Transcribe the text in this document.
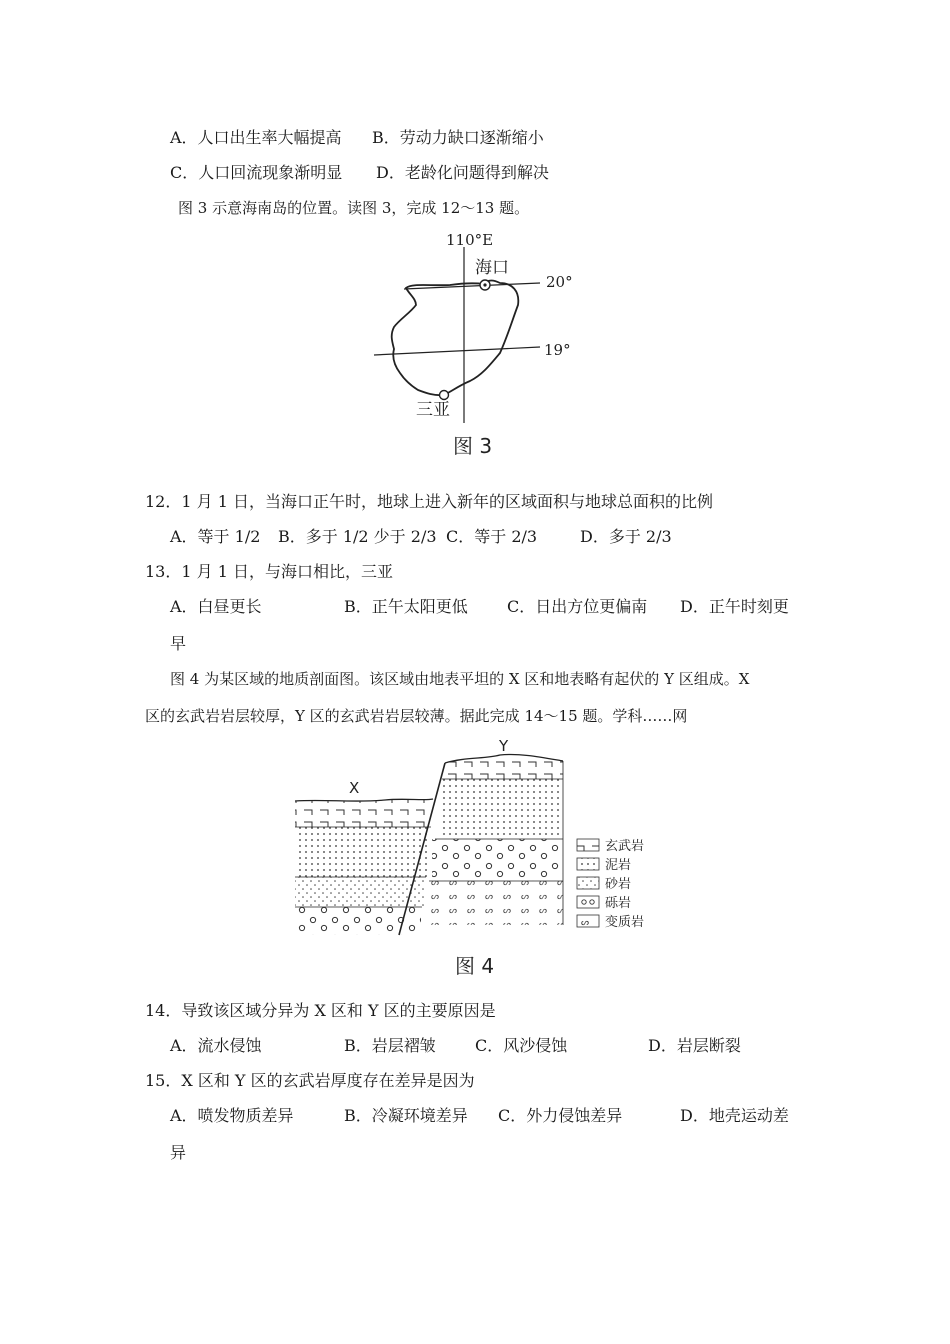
A．人口出生率大幅提高 B．劳动力缺口逐渐缩小
C．人口回流现象渐明显 D．老龄化问题得到解决
图 3 示意海南岛的位置。读图 3，完成 12～13 题。
110°E
海口
20°
19°
三亚
图 3
12．1 月 1 日，当海口正午时，地球上进入新年的区域面积与地球总面积的比例
A．等于 1/2 B．多于 1/2 少于 2/3 C．等于 2/3	D．多于 2/3
13．1 月 1 日，与海口相比，三亚
A．白昼更长	B．正午太阳更低 C．日出方位更偏南 D．正午时刻更
早
图 4 为某区域的地质剖面图。该区域由地表平坦的 X 区和地表略有起伏的 Y 区组成。X
区的玄武岩岩层较厚，Y 区的玄武岩岩层较薄。据此完成 14～15 题。学科……网
X
Y
玄武岩
泥岩
砂岩
砾岩
ᔕ 变质岩
图 4
14．导致该区域分异为 X 区和 Y 区的主要原因是
A．流水侵蚀	B．岩层褶皱 C．风沙侵蚀	D．岩层断裂
15．X 区和 Y 区的玄武岩厚度存在差异是因为
A．喷发物质差异	B．冷凝环境差异 C．外力侵蚀差异	D．地壳运动差
异
